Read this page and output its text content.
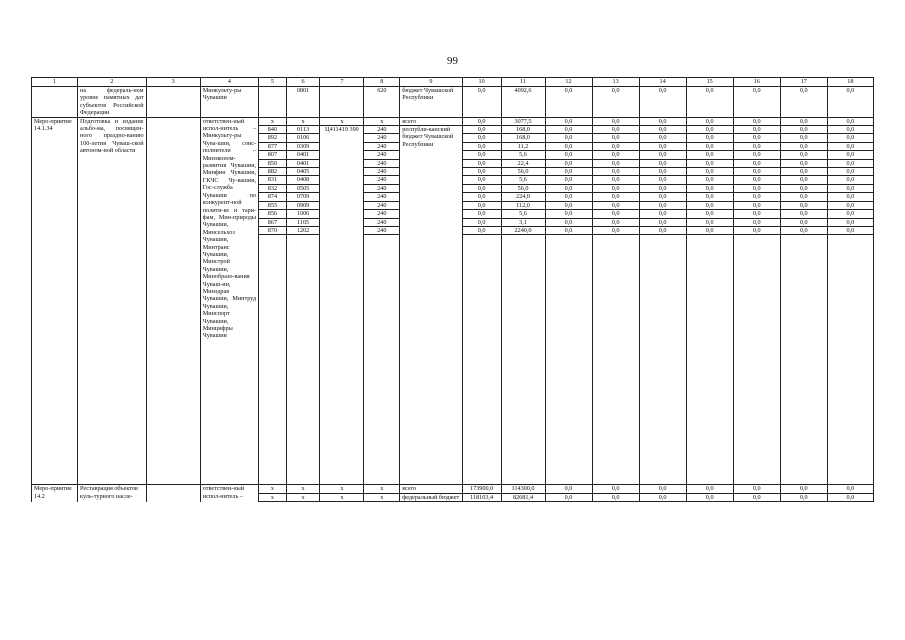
99
1	2	3	4	5	6	7	8	9	10	11	12	13	14	15	16	17	18
	на федераль-ном уровне памятных дат субъектов Российской Федерации		Минкульту-ры Чувашии		0801		620	бюджет Чувашской Республики	0,0	4092,6	0,0	0,0	0,0	0,0	0,0	0,0	0,0
Меро-приятие 14.1.34	Подготовка и издание альбо-ма, посвящен-ного праздно-ванию 100-летия Чуваш-ской автоном-ной области		ответствен-ный испол-нитель – Минкульту-ры Чува-шии, соис-полнители – Минэконом-развития Чувашии, Минфин Чувашии, ГКЧС Чу-вашии, Гос-служба Чувашии по конкурент-ной полити-ке и тари-фам, Мин-природы Чувашии, Минсельхоз Чувашии, Минтранс Чувашии, Минстрой Чувашии, Минобразо-вания Чуваш-ии, Минздрав Чувашии, Минтруд Чувашии, Минспорт Чувашии, Минцифры Чувашии	x	x	x	x	всего	0,0	3077,5	0,0	0,0	0,0	0,0	0,0	0,0	0,0
				840	0113	Ц411419 390	240	республи-канский бюджет Чувашской Республики	0,0	168,0	0,0	0,0	0,0	0,0	0,0	0,0	0,0
				892	0106		240		0,0	168,0	0,0	0,0	0,0	0,0	0,0	0,0	0,0
				877	0309		240		0,0	11,2	0,0	0,0	0,0	0,0	0,0	0,0	0,0
				807	0401		240		0,0	5,6	0,0	0,0	0,0	0,0	0,0	0,0	0,0
				850	0401		240		0,0	22,4	0,0	0,0	0,0	0,0	0,0	0,0	0,0
				882	0405		240		0,0	56,0	0,0	0,0	0,0	0,0	0,0	0,0	0,0
				831	0408		240		0,0	5,6	0,0	0,0	0,0	0,0	0,0	0,0	0,0
				832	0505		240		0,0	56,0	0,0	0,0	0,0	0,0	0,0	0,0	0,0
				874	0709		240		0,0	224,0	0,0	0,0	0,0	0,0	0,0	0,0	0,0
				855	0909		240		0,0	112,0	0,0	0,0	0,0	0,0	0,0	0,0	0,0
				856	1006		240		0,0	5,6	0,0	0,0	0,0	0,0	0,0	0,0	0,0
				867	1105		240		0,0	3,1	0,0	0,0	0,0	0,0	0,0	0,0	0,0
				870	1202		240		0,0	2240,0	0,0	0,0	0,0	0,0	0,0	0,0	0,0

Меро-приятие 14.2	Реставрация объектов куль-турного насле-		ответствен-ный испол-нитель –	x	x	x	x	всего	173900,0	114300,0	0,0	0,0	0,0	0,0	0,0	0,0	0,0
				x	x	x	x	федеральный бюджет	118103,4	82681,4	0,0	0,0	0,0	0,0	0,0	0,0	0,0
